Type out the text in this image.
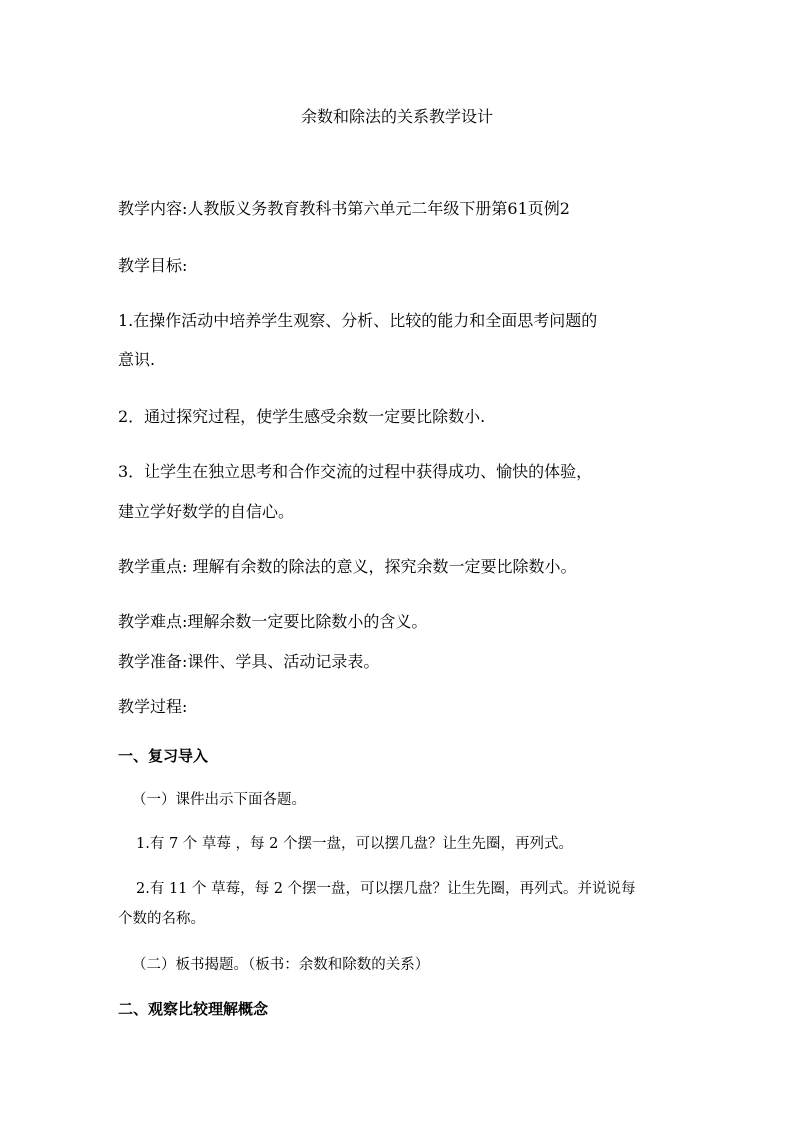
余数和除法的关系教学设计
教学内容:人教版义务教育教科书第六单元二年级下册第61页例2
教学目标:
1.在操作活动中培养学生观察、分析、比较的能力和全面思考问题的
意识.
2．通过探究过程，使学生感受余数一定要比除数小.
3．让学生在独立思考和合作交流的过程中获得成功、愉快的体验，
建立学好数学的自信心。
教学重点: 理解有余数的除法的意义，探究余数一定要比除数小。
教学难点:理解余数一定要比除数小的含义。
教学准备:课件、学具、活动记录表。
教学过程:
一、复习导入
（一）课件出示下面各题。
1.有 7 个 草莓 ，每 2 个摆一盘，可以摆几盘？让生先圈，再列式。
2.有 11 个 草莓，每 2 个摆一盘，可以摆几盘？让生先圈，再列式。并说说每
个数的名称。
（二）板书揭题。（板书：余数和除数的关系）
二、观察比较理解概念
